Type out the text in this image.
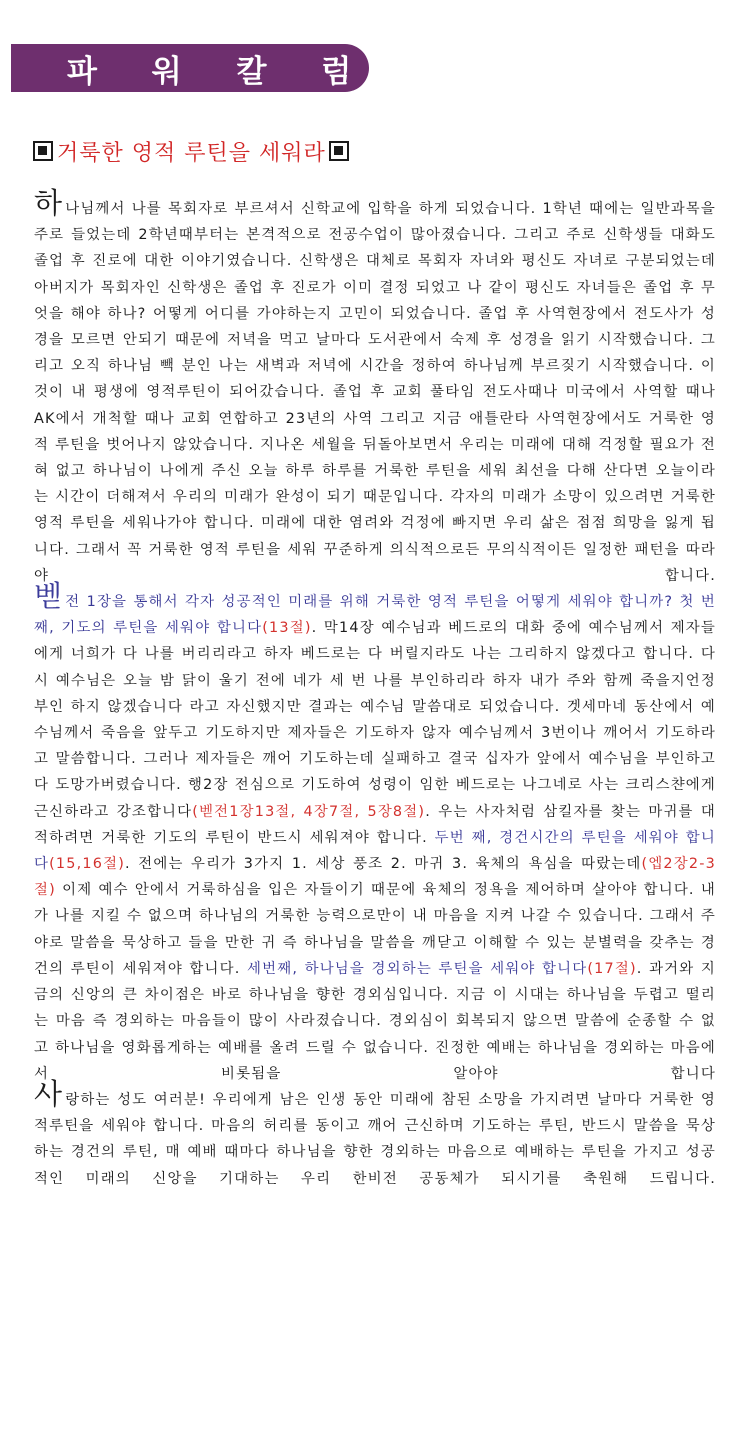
파 워 칼 럼
거룩한 영적 루틴을 세워라
하나님께서 나를 목회자로 부르셔서 신학교에 입학을 하게 되었습니다. 1학년 때에는 일반과목을 주로 들었는데 2학년때부터는 본격적으로 전공수업이 많아졌습니다. 그리고 주로 신학생들 대화도 졸업 후 진로에 대한 이야기였습니다. 신학생은 대체로 목회자 자녀와 평신도 자녀로 구분되었는데 아버지가 목회자인 신학생은 졸업 후 진로가 이미 결정 되었고 나 같이 평신도 자녀들은 졸업 후 무엇을 해야 하나? 어떻게 어디를 가야하는지 고민이 되었습니다. 졸업 후 사역현장에서 전도사가 성경을 모르면 안되기 때문에 저녁을 먹고 날마다 도서관에서 숙제 후 성경을 읽기 시작했습니다. 그리고 오직 하나님 빽 분인 나는 새벽과 저녁에 시간을 정하여 하나님께 부르짖기 시작했습니다. 이것이 내 평생에 영적루틴이 되어갔습니다. 졸업 후 교회 풀타임 전도사때나 미국에서 사역할 때나 AK에서 개척할 때나 교회 연합하고 23년의 사역 그리고 지금 애틀란타 사역현장에서도 거룩한 영적 루틴을 벗어나지 않았습니다. 지나온 세월을 뒤돌아보면서 우리는 미래에 대해 걱정할 필요가 전혀 없고 하나님이 나에게 주신 오늘 하루 하루를 거룩한 루틴을 세워 최선을 다해 산다면 오늘이라는 시간이 더해져서 우리의 미래가 완성이 되기 때문입니다. 각자의 미래가 소망이 있으려면 거룩한 영적 루틴을 세워나가야 합니다. 미래에 대한 염려와 걱정에 빠지면 우리 삶은 점점 희망을 잃게 됩니다. 그래서 꼭 거룩한 영적 루틴을 세워 꾸준하게 의식적으로든 무의식적이든 일정한 패턴을 따라야 합니다.
벧전 1장을 통해서 각자 성공적인 미래를 위해 거룩한 영적 루틴을 어떻게 세워야 합니까? 첫 번째, 기도의 루틴을 세워야 합니다(13절). 막14장 예수님과 베드로의 대화 중에 예수님께서 제자들에게 너희가 다 나를 버리리라고 하자 베드로는 다 버릴지라도 나는 그리하지 않겠다고 합니다. 다시 예수님은 오늘 밤 닭이 울기 전에 네가 세 번 나를 부인하리라 하자 내가 주와 함께 죽을지언정 부인 하지 않겠습니다 라고 자신했지만 결과는 예수님 말씀대로 되었습니다. 겟세마네 동산에서 예수님께서 죽음을 앞두고 기도하지만 제자들은 기도하자 않자 예수님께서 3번이나 깨어서 기도하라고 말씀합니다. 그러나 제자들은 깨어 기도하는데 실패하고 결국 십자가 앞에서 예수님을 부인하고 다 도망가버렸습니다. 행2장 전심으로 기도하여 성령이 임한 베드로는 나그네로 사는 크리스챤에게 근신하라고 강조합니다(벧전1장13절, 4장7절, 5장8절). 우는 사자처럼 삼킬자를 찾는 마귀를 대적하려면 거룩한 기도의 루틴이 반드시 세워져야 합니다. 두번 째, 경건시간의 루틴을 세워야 합니다(15,16절). 전에는 우리가 3가지 1. 세상 풍조 2. 마귀 3. 육체의 욕심을 따랐는데(엡2장2-3절) 이제 예수 안에서 거룩하심을 입은 자들이기 때문에 육체의 정욕을 제어하며 살아야 합니다. 내가 나를 지킬 수 없으며 하나님의 거룩한 능력으로만이 내 마음을 지켜 나갈 수 있습니다. 그래서 주야로 말씀을 묵상하고 들을 만한 귀 즉 하나님을 말씀을 깨닫고 이해할 수 있는 분별력을 갖추는 경건의 루틴이 세워져야 합니다. 세번째, 하나님을 경외하는 루틴을 세워야 합니다(17절). 과거와 지금의 신앙의 큰 차이점은 바로 하나님을 향한 경외심입니다. 지금 이 시대는 하나님을 두렵고 떨리는 마음 즉 경외하는 마음들이 많이 사라졌습니다. 경외심이 회복되지 않으면 말씀에 순종할 수 없고 하나님을 영화롭게하는 예배를 올려 드릴 수 없습니다. 진정한 예배는 하나님을 경외하는 마음에서 비롯됨을 알아야 합니다
사랑하는 성도 여러분! 우리에게 남은 인생 동안 미래에 참된 소망을 가지려면 날마다 거룩한 영적루틴을 세워야 합니다. 마음의 허리를 동이고 깨어 근신하며 기도하는 루틴, 반드시 말씀을 묵상하는 경건의 루틴, 매 예배 때마다 하나님을 향한 경외하는 마음으로 예배하는 루틴을 가지고 성공적인 미래의 신앙을 기대하는 우리 한비전 공동체가 되시기를 축원해 드립니다.
